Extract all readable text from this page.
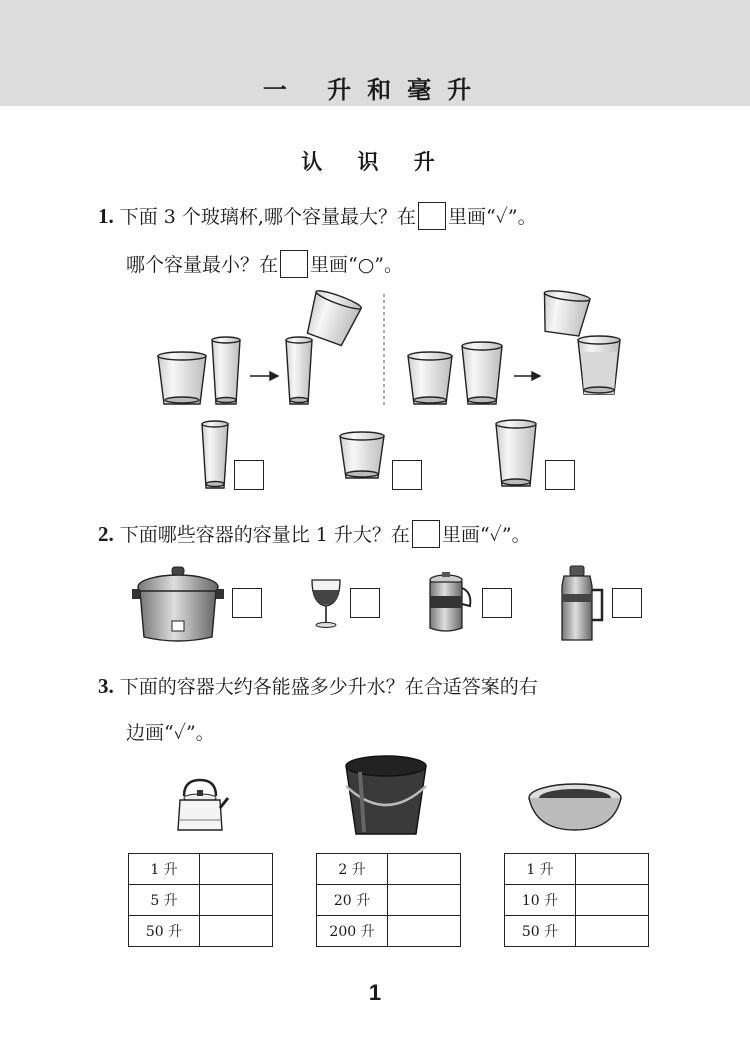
一 升和毫升
认 识 升
1. 下面 3 个玻璃杯,哪个容量最大？在 里画“✓”。
哪个容量最小？在 里画“○”。
2. 下面哪些容器的容量比 1 升大？在 里画“✓”。
3. 下面的容器大约各能盛多少升水？在合适答案的右
边画“✓”。
1 升	
5 升	
50 升	
2 升	
20 升	
200 升	
1 升	
10 升	
50 升	
1
